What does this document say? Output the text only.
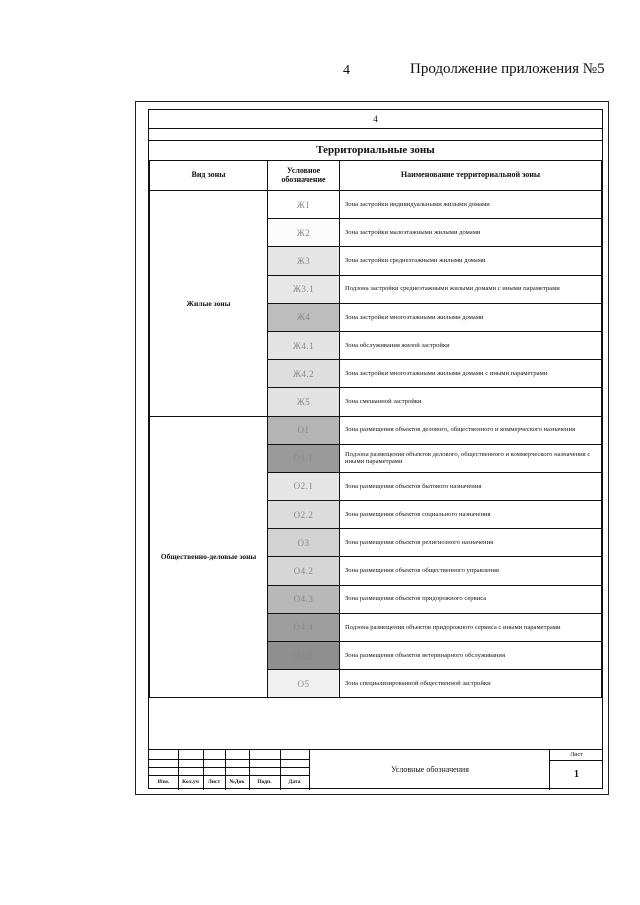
4	Продолжение приложения №5
4
Территориальные зоны
Вид зоны	Условное обозначение	Наименование территориальной зоны
Жилые зоны	Ж1	Зона застройки индивидуальными жилыми домами
	Ж2	Зона застройки малоэтажными жилыми домами
	Ж3	Зона застройки среднеэтажными жилыми домами
	Ж3.1	Подзона застройки среднеэтажными жилыми домами с иными параметрами
	Ж4	Зона застройки многоэтажными жилыми домами
	Ж4.1	Зона обслуживания жилой застройки
	Ж4.2	Зона застройки многоэтажными жилыми домами с иными параметрами
	Ж5	Зона смешанной застройки
Общественно-деловые зоны	О1	Зона размещения объектов делового, общественного и коммерческого назначения
	О1.1	Подзона размещения объектов делового, общественного и коммерческого назначения с иными параметрами
	О2.1	Зона размещения объектов бытового назначения
	О2.2	Зона размещения объектов социального назначения
	О3	Зона размещения объектов религиозного назначения
	О4.2	Зона размещения объектов общественного управления
	О4.3	Зона размещения объектов придорожного сервиса
	О4.4	Подзона размещения объектов придорожного сервиса с иными параметрами
	О4.5	Зона размещения объектов ветеринарного обслуживания
	О5	Зона специализированной общественной застройки

Изм.	Кол.уч	Лист	№Док	Подп.	Дата
Условные обозначения
Лист
1
